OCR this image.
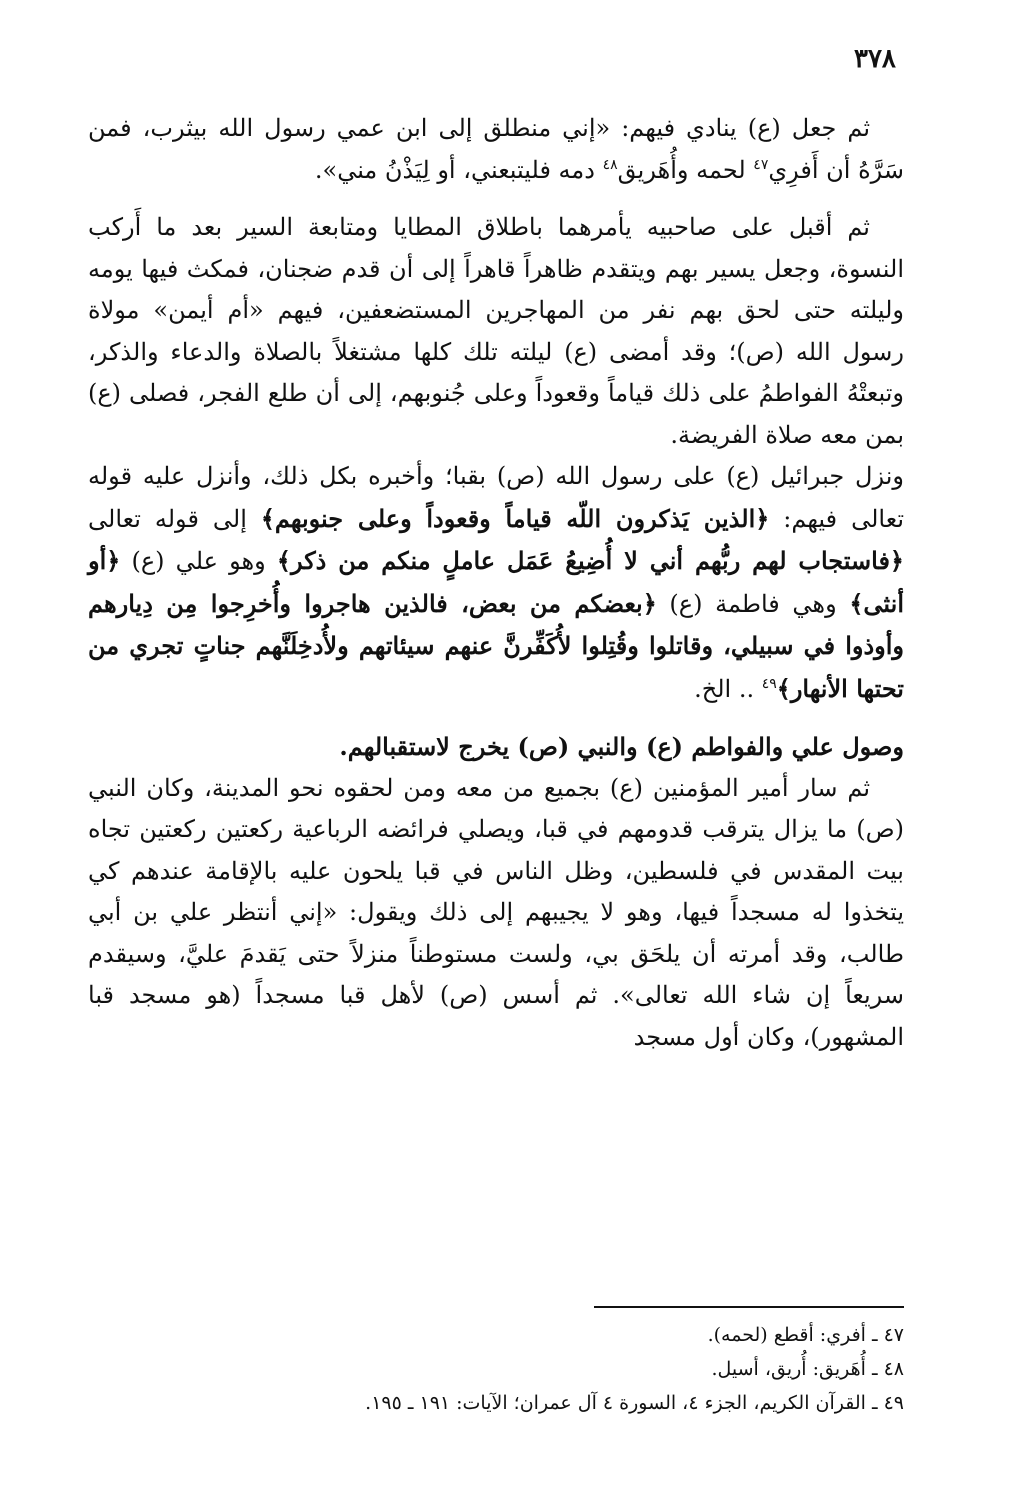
٣٧٨

ثم جعل (ع) ينادي فيهم: «إني منطلق إلى ابن عمي رسول الله بيثرب، فمن سَرَّهُ أن أَفرِي$^{٤٧}$ لحمه وأُهَريق$^{٤٨}$ دمه فليتبعني، أو لِيَذْنُ مني».

ثم أقبل على صاحبيه يأمرهما باطلاق المطايا ومتابعة السير بعد ما أَركب النسوة، وجعل يسير بهم ويتقدم ظاهراً قاهراً إلى أن قدم ضجنان، فمكث فيها يومه وليلته حتى لحق بهم نفر من المهاجرين المستضعفين، فيهم «أم أيمن» مولاة رسول الله (ص)؛ وقد أمضى (ع) ليلته تلك كلها مشتغلاً بالصلاة والدعاء والذكر، وتبعتْهُ الفواطمُ على ذلك قياماً وقعوداً وعلى جُنوبهم، إلى أن طلع الفجر، فصلى (ع) بمن معه صلاة الفريضة.

ونزل جبرائيل (ع) على رسول الله (ص) بقبا؛ وأخبره بكل ذلك، وأنزل عليه قوله تعالى فيهم: ﴿الذين يَذكرون اللّه قياماً وقعوداً وعلى جنوبهم﴾ إلى قوله تعالى ﴿فاستجاب لهم ربُّهم أني لا أُضِيعُ عَمَل عاملٍ منكم من ذكر﴾ وهو علي (ع) ﴿أو أنثى﴾ وهي فاطمة (ع) ﴿بعضكم من بعض، فالذين هاجروا وأُخرِجوا مِن دِيارهم وأوذوا في سبيلي، وقاتلوا وقُتِلوا لأُكَفِّرنَّ عنهم سيئاتهم ولأُدخِلَنَّهم جناتٍ تجري من تحتها الأنهار﴾$^{٤٩}$ .. الخ.

وصول علي والفواطم (ع) والنبي (ص) يخرج لاستقبالهم.

ثم سار أمير المؤمنين (ع) بجميع من معه ومن لحقوه نحو المدينة، وكان النبي (ص) ما يزال يترقب قدومهم في قبا، ويصلي فرائضه الرباعية ركعتين ركعتين تجاه بيت المقدس في فلسطين، وظل الناس في قبا يلحون عليه بالإقامة عندهم كي يتخذوا له مسجداً فيها، وهو لا يجيبهم إلى ذلك ويقول: «إني أنتظر علي بن أبي طالب، وقد أمرته أن يلحَق بي، ولست مستوطناً منزلاً حتى يَقدمَ عليَّ، وسيقدم سريعاً إن شاء الله تعالى». ثم أسس (ص) لأهل قبا مسجداً (هو مسجد قبا المشهور)، وكان أول مسجد

٤٧ ـ أفري: أقطع (لحمه).

٤٨ ـ أُهَريق: أُريق، أسيل.

٤٩ ـ القرآن الكريم، الجزء ٤، السورة ٤ آل عمران؛ الآيات: ١٩١ ـ ١٩٥.
